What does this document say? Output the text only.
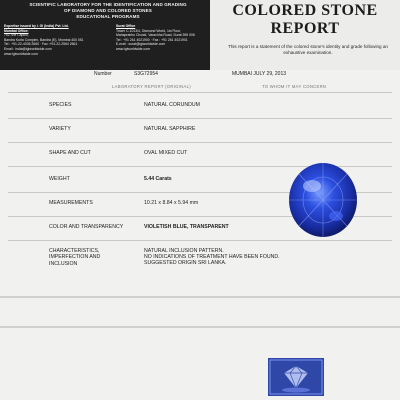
SCIENTIFIC LABORATORY FOR THE IDENTIFICATION AND GRADING
OF DIAMOND AND COLORED STONES
EDUCATIONAL PROGRAMS
Expertise issued by I. Gi (India) Pvt. Ltd.
Mumbai Office:
702, the Capitol,
Bandra Kurla Complex, Bandra (E), Mumbai 400 051
Tel : +91-22-4036 2660 · Fax :+91-22-2564 2661
Email : india@igiworldwide.com
www.igiworldwide.com
Surat Office
Tower C-1013/4, Diamond World, 1st Floor,
Mahaprabhu Chowk, Varachha Road, Surat 395 006
Tel : +91 261 4021900 · Fax : +91 261 4021901
E-mail : surat@igiworldwide.com
www.igiworldwide.com
COLORED STONE
REPORT
This report is a statement of the colored stone's identity and grade following an exhaustive examination.
Number	S3G72954	MUMBAI JULY 29, 2013
LABORATORY REPORT (ORIGINAL)	TO WHOM IT MAY CONCERN
SPECIES	NATURAL CORUNDUM
VARIETY	NATURAL SAPPHIRE
SHAPE AND CUT	OVAL MIXED CUT
WEIGHT	5.44 Carats
MEASUREMENTS	10.21 x 8.84 x 5.94 mm
COLOR AND TRANSPARENCY	VIOLETISH BLUE, TRANSPARENT
CHARACTERISTICS,
IMPERFECTION AND INCLUSION
NATURAL INCLUSION PATTERN.
NO INDICATIONS OF TREATMENT HAVE BEEN FOUND.
SUGGESTED ORIGIN SRI LANKA.
